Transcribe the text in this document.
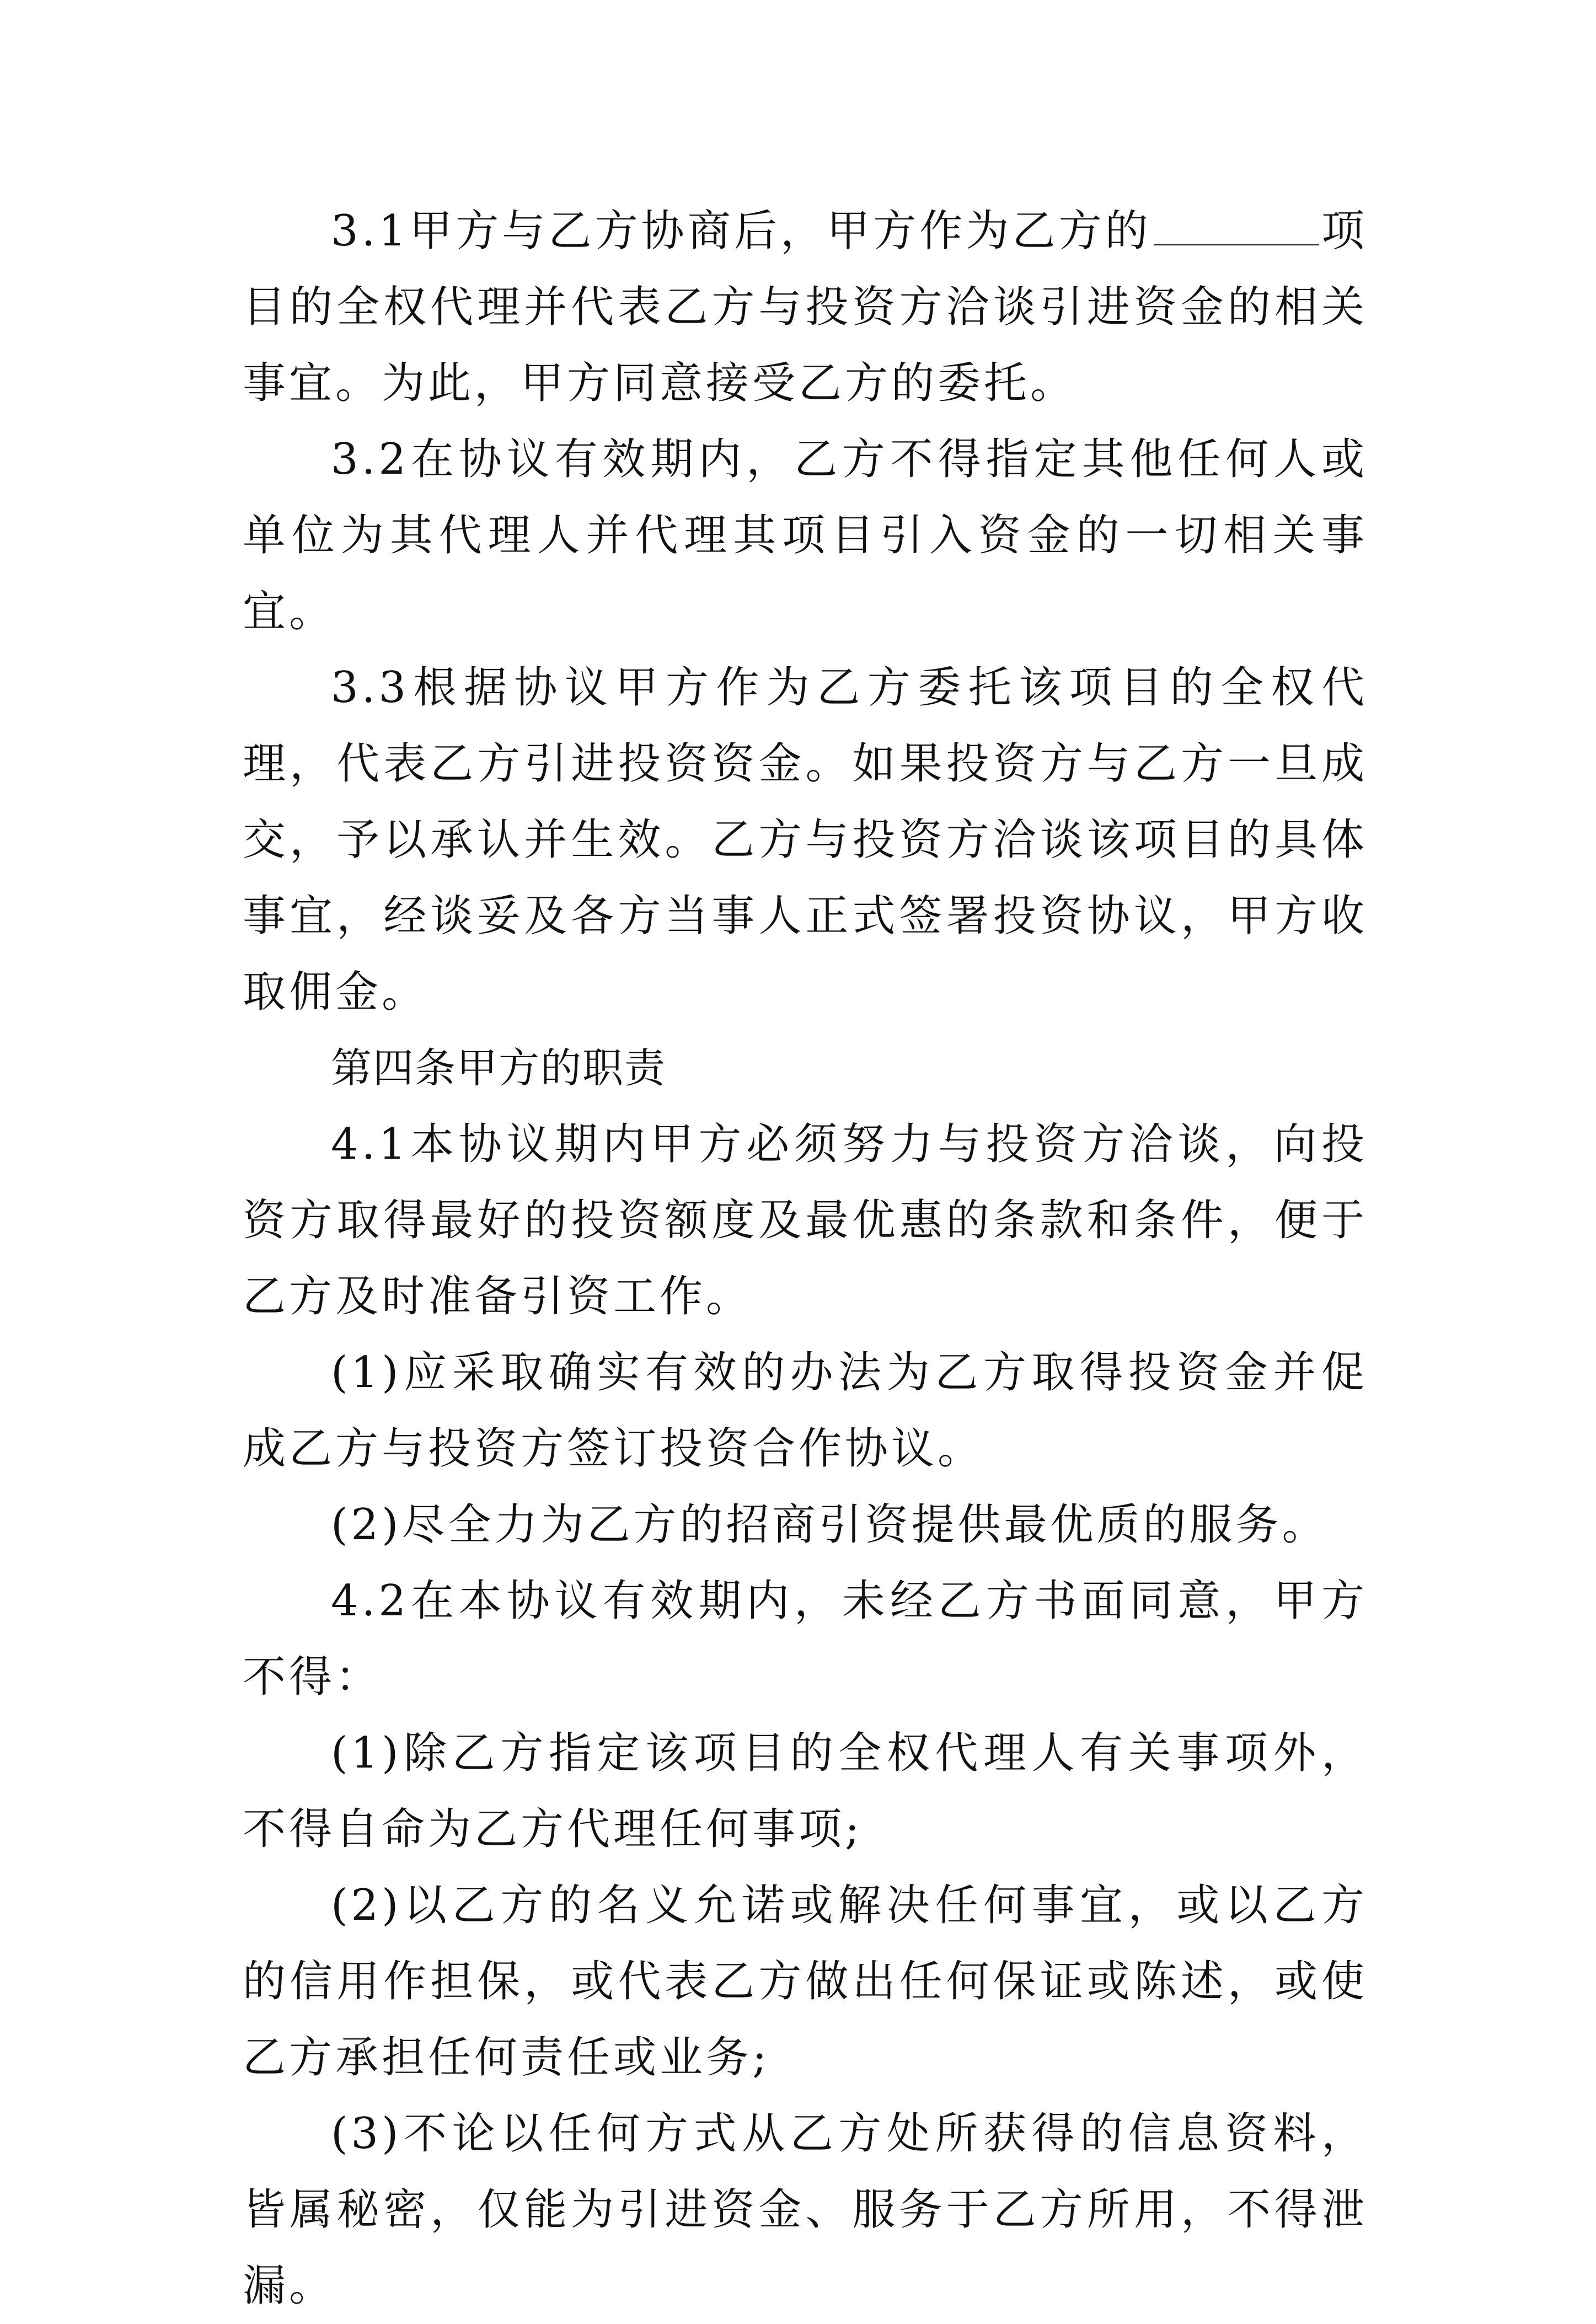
3.1甲方与乙方协商后，甲方作为乙方的	项目的全权代理并代表乙方与投资方洽谈引进资金的相关事宜。为此，甲方同意接受乙方的委托。

3.2在协议有效期内，乙方不得指定其他任何人或单位为其代理人并代理其项目引入资金的一切相关事宜。

3.3根据协议甲方作为乙方委托该项目的全权代理，代表乙方引进投资资金。如果投资方与乙方一旦成交，予以承认并生效。乙方与投资方洽谈该项目的具体事宜，经谈妥及各方当事人正式签署投资协议，甲方收取佣金。

第四条甲方的职责

4.1本协议期内甲方必须努力与投资方洽谈，向投资方取得最好的投资额度及最优惠的条款和条件，便于乙方及时准备引资工作。

(1)应采取确实有效的办法为乙方取得投资金并促成乙方与投资方签订投资合作协议。

(2)尽全力为乙方的招商引资提供最优质的服务。

4.2在本协议有效期内，未经乙方书面同意，甲方不得：

(1)除乙方指定该项目的全权代理人有关事项外，不得自命为乙方代理任何事项;

(2)以乙方的名义允诺或解决任何事宜，或以乙方的信用作担保，或代表乙方做出任何保证或陈述，或使乙方承担任何责任或业务;

(3)不论以任何方式从乙方处所获得的信息资料，皆属秘密，仅能为引进资金、服务于乙方所用，不得泄漏。
